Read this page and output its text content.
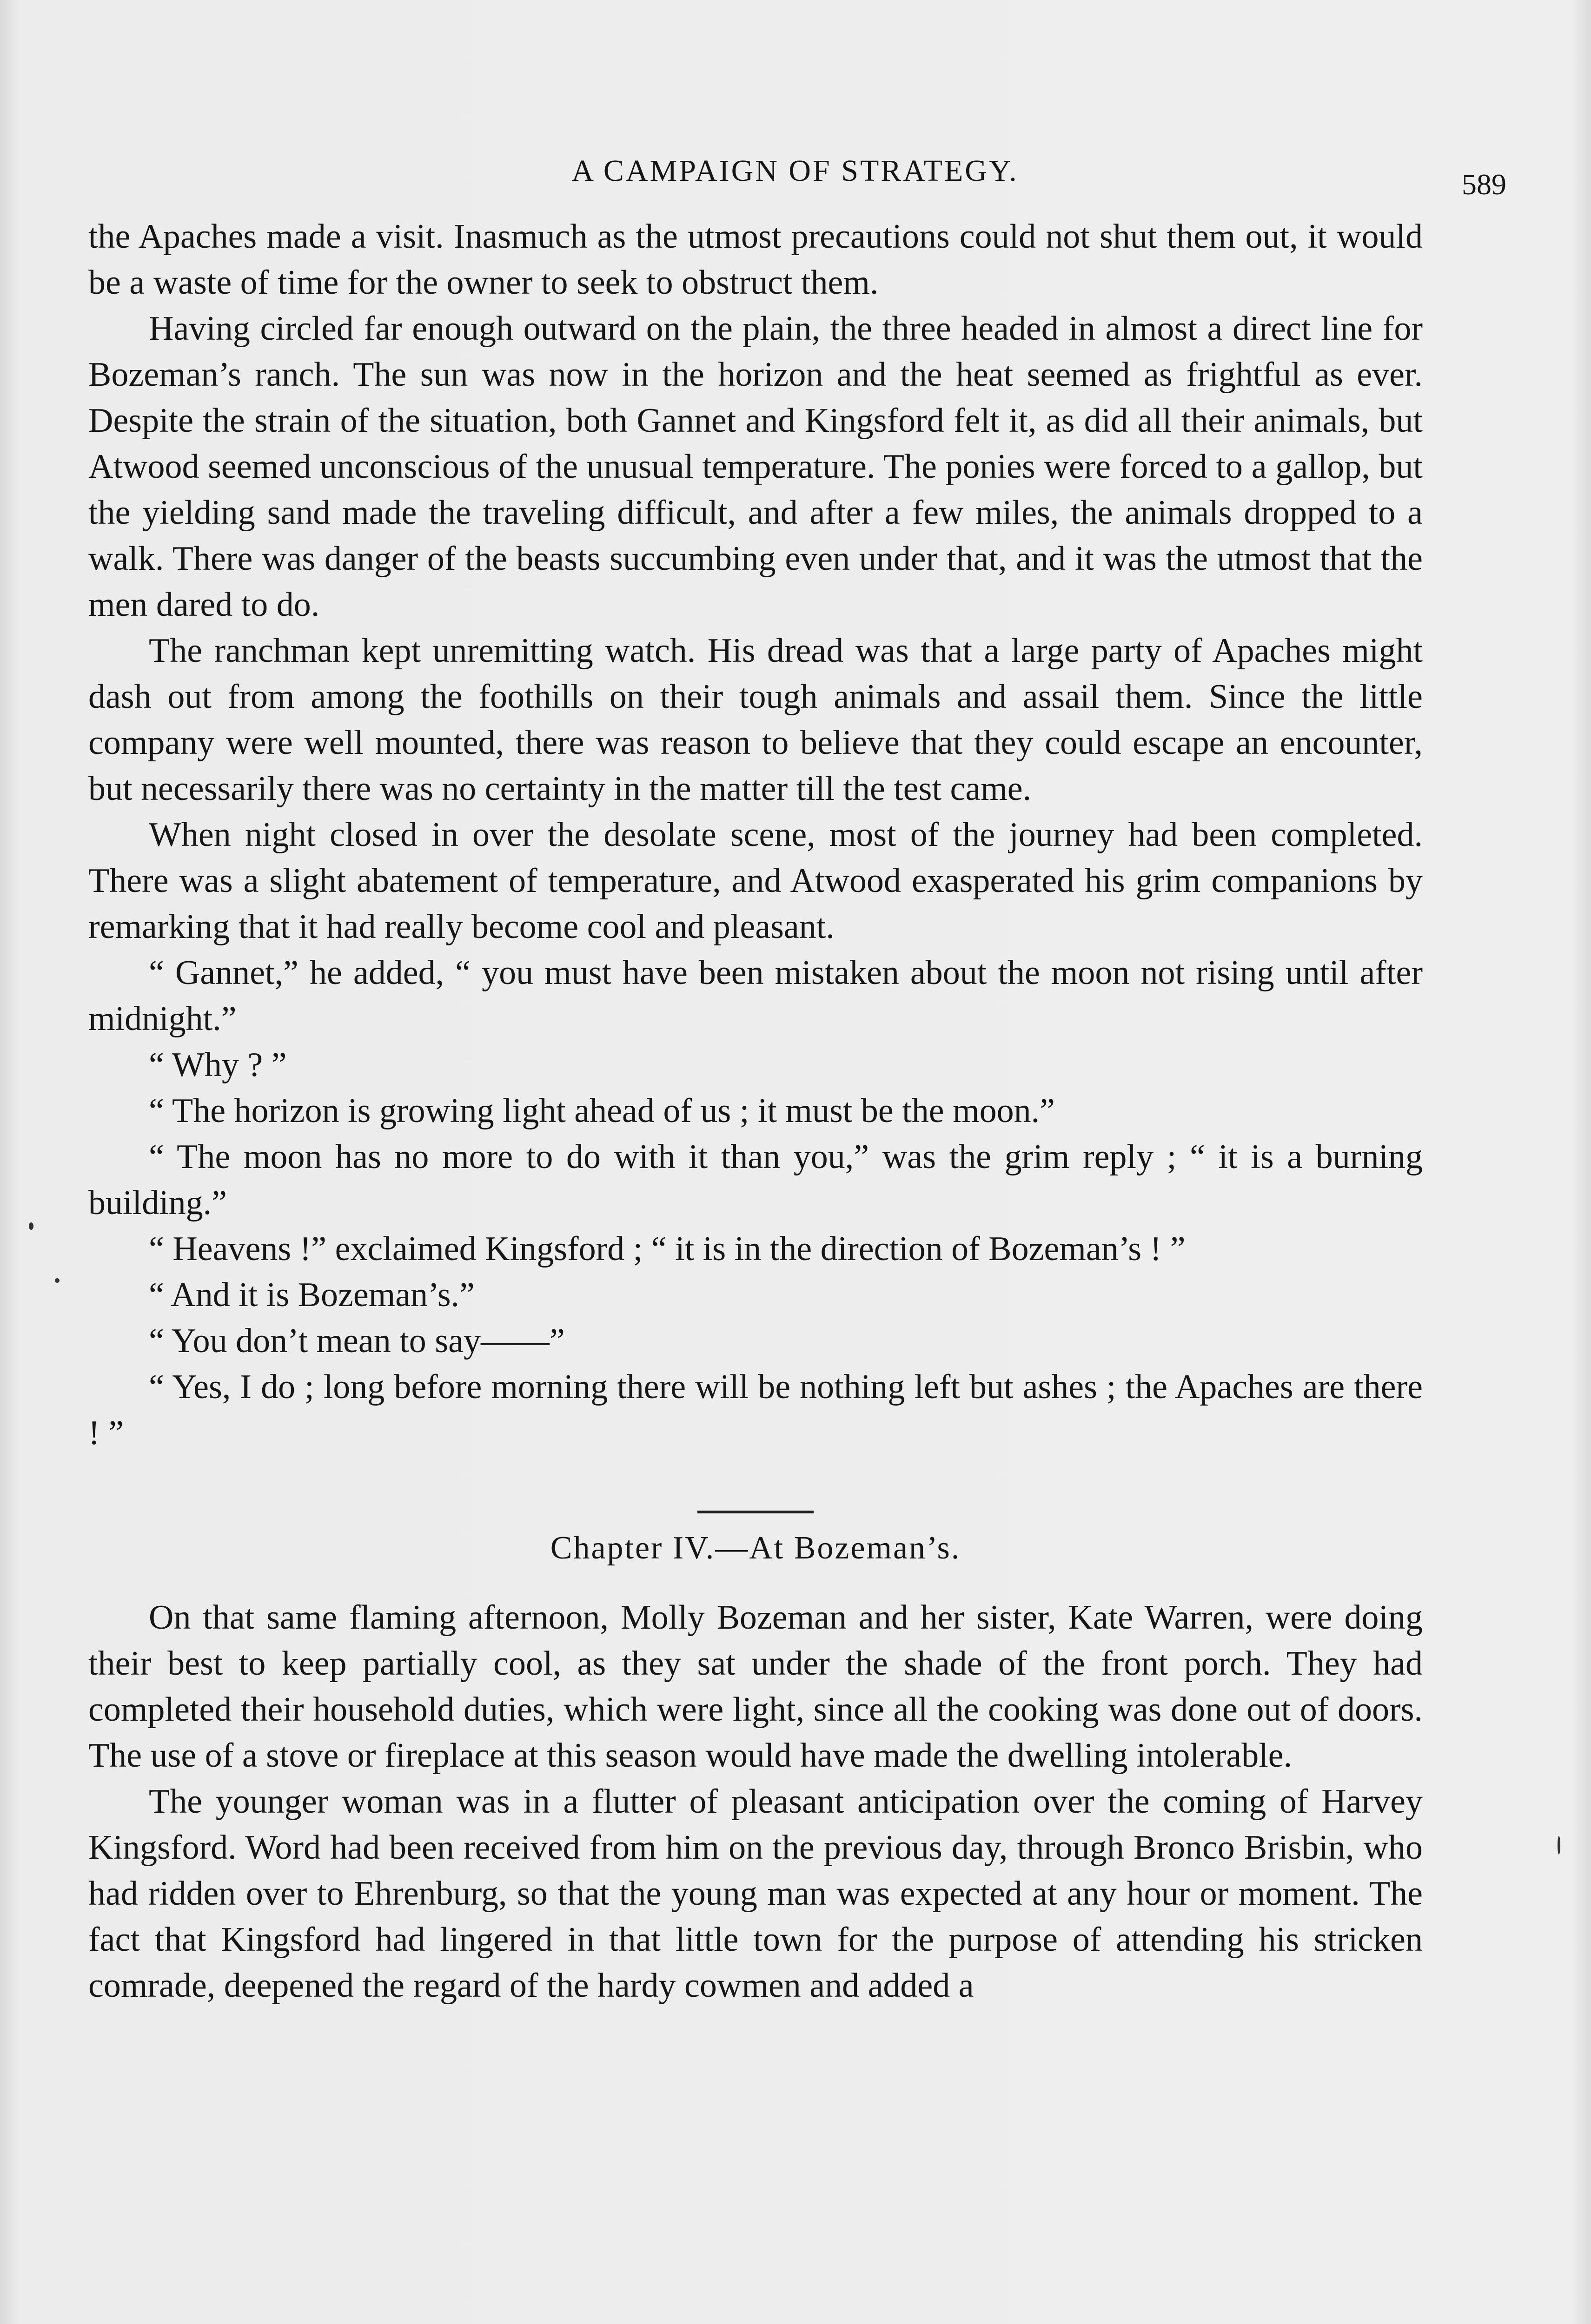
A CAMPAIGN OF STRATEGY.	589

the Apaches made a visit. Inasmuch as the utmost precautions could not shut them out, it would be a waste of time for the owner to seek to obstruct them.

Having circled far enough outward on the plain, the three headed in almost a direct line for Bozeman’s ranch. The sun was now in the horizon and the heat seemed as frightful as ever. Despite the strain of the situation, both Gannet and Kingsford felt it, as did all their animals, but Atwood seemed unconscious of the unusual temperature. The ponies were forced to a gallop, but the yielding sand made the traveling difficult, and after a few miles, the animals dropped to a walk. There was danger of the beasts succumbing even under that, and it was the utmost that the men dared to do.

The ranchman kept unremitting watch. His dread was that a large party of Apaches might dash out from among the foothills on their tough animals and assail them. Since the little company were well mounted, there was reason to believe that they could escape an encounter, but necessarily there was no certainty in the matter till the test came.

When night closed in over the desolate scene, most of the journey had been completed. There was a slight abatement of temperature, and Atwood exasperated his grim companions by remarking that it had really become cool and pleasant.

“ Gannet,” he added, “ you must have been mistaken about the moon not rising until after midnight.”

“ Why ? ”

“ The horizon is growing light ahead of us ; it must be the moon.”

“ The moon has no more to do with it than you,” was the grim reply ; “ it is a burning building.”

“ Heavens !” exclaimed Kingsford ; “ it is in the direction of Bozeman’s ! ”

“ And it is Bozeman’s.”

“ You don’t mean to say——”

“ Yes, I do ; long before morning there will be nothing left but ashes ; the Apaches are there ! ”

Chapter IV.—At Bozeman’s.

On that same flaming afternoon, Molly Bozeman and her sister, Kate Warren, were doing their best to keep partially cool, as they sat under the shade of the front porch. They had completed their household duties, which were light, since all the cooking was done out of doors. The use of a stove or fireplace at this season would have made the dwelling intolerable.

The younger woman was in a flutter of pleasant anticipation over the coming of Harvey Kingsford. Word had been received from him on the previous day, through Bronco Brisbin, who had ridden over to Ehrenburg, so that the young man was expected at any hour or moment. The fact that Kingsford had lingered in that little town for the purpose of attending his stricken comrade, deepened the regard of the hardy cowmen and added a
